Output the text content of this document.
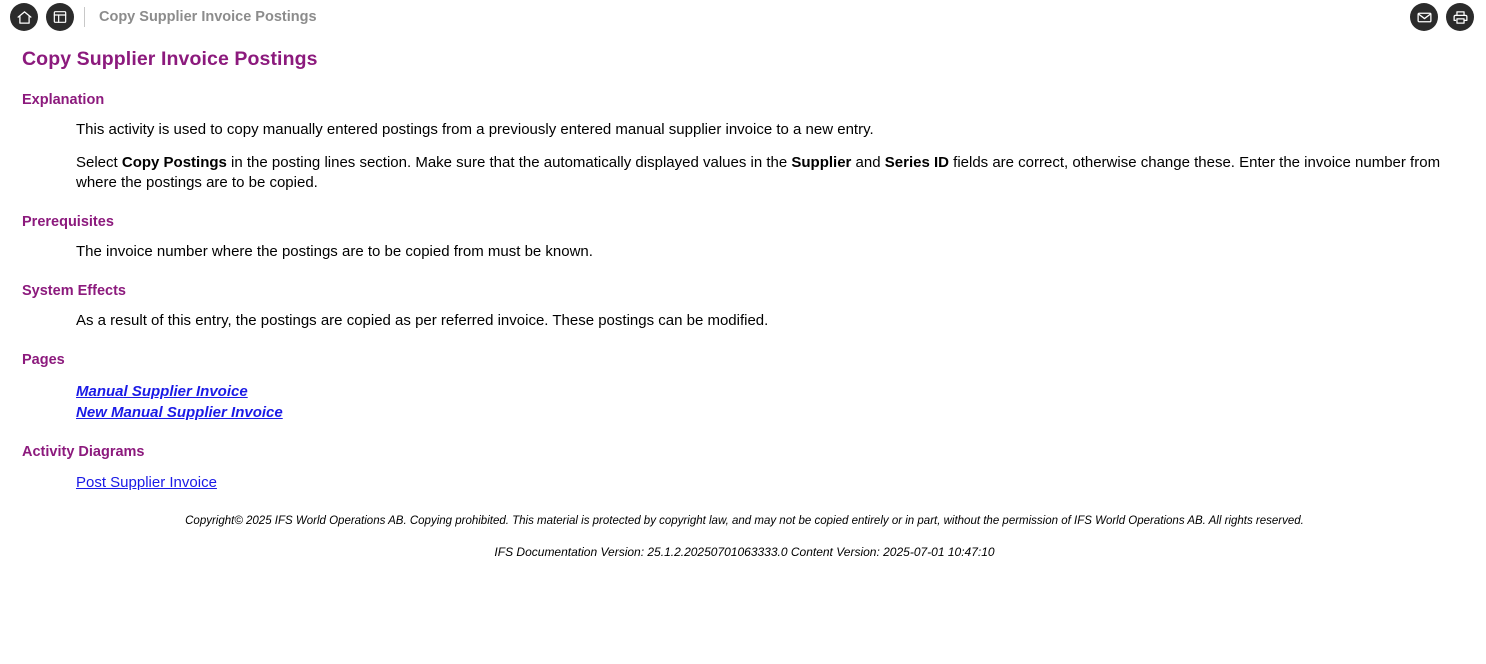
Copy Supplier Invoice Postings
Copy Supplier Invoice Postings
Explanation

This activity is used to copy manually entered postings from a previously entered manual supplier invoice to a new entry.

Select Copy Postings in the posting lines section. Make sure that the automatically displayed values in the Supplier and Series ID fields are correct, otherwise change these. Enter the invoice number from where the postings are to be copied.

Prerequisites

The invoice number where the postings are to be copied from must be known.

System Effects

As a result of this entry, the postings are copied as per referred invoice. These postings can be modified.

Pages
Manual Supplier Invoice
New Manual Supplier Invoice
Activity Diagrams
Post Supplier Invoice
Copyright© 2025 IFS World Operations AB. Copying prohibited. This material is protected by copyright law, and may not be copied entirely or in part, without the permission of IFS World Operations AB. All rights reserved.
IFS Documentation Version: 25.1.2.20250701063333.0 Content Version: 2025-07-01 10:47:10
